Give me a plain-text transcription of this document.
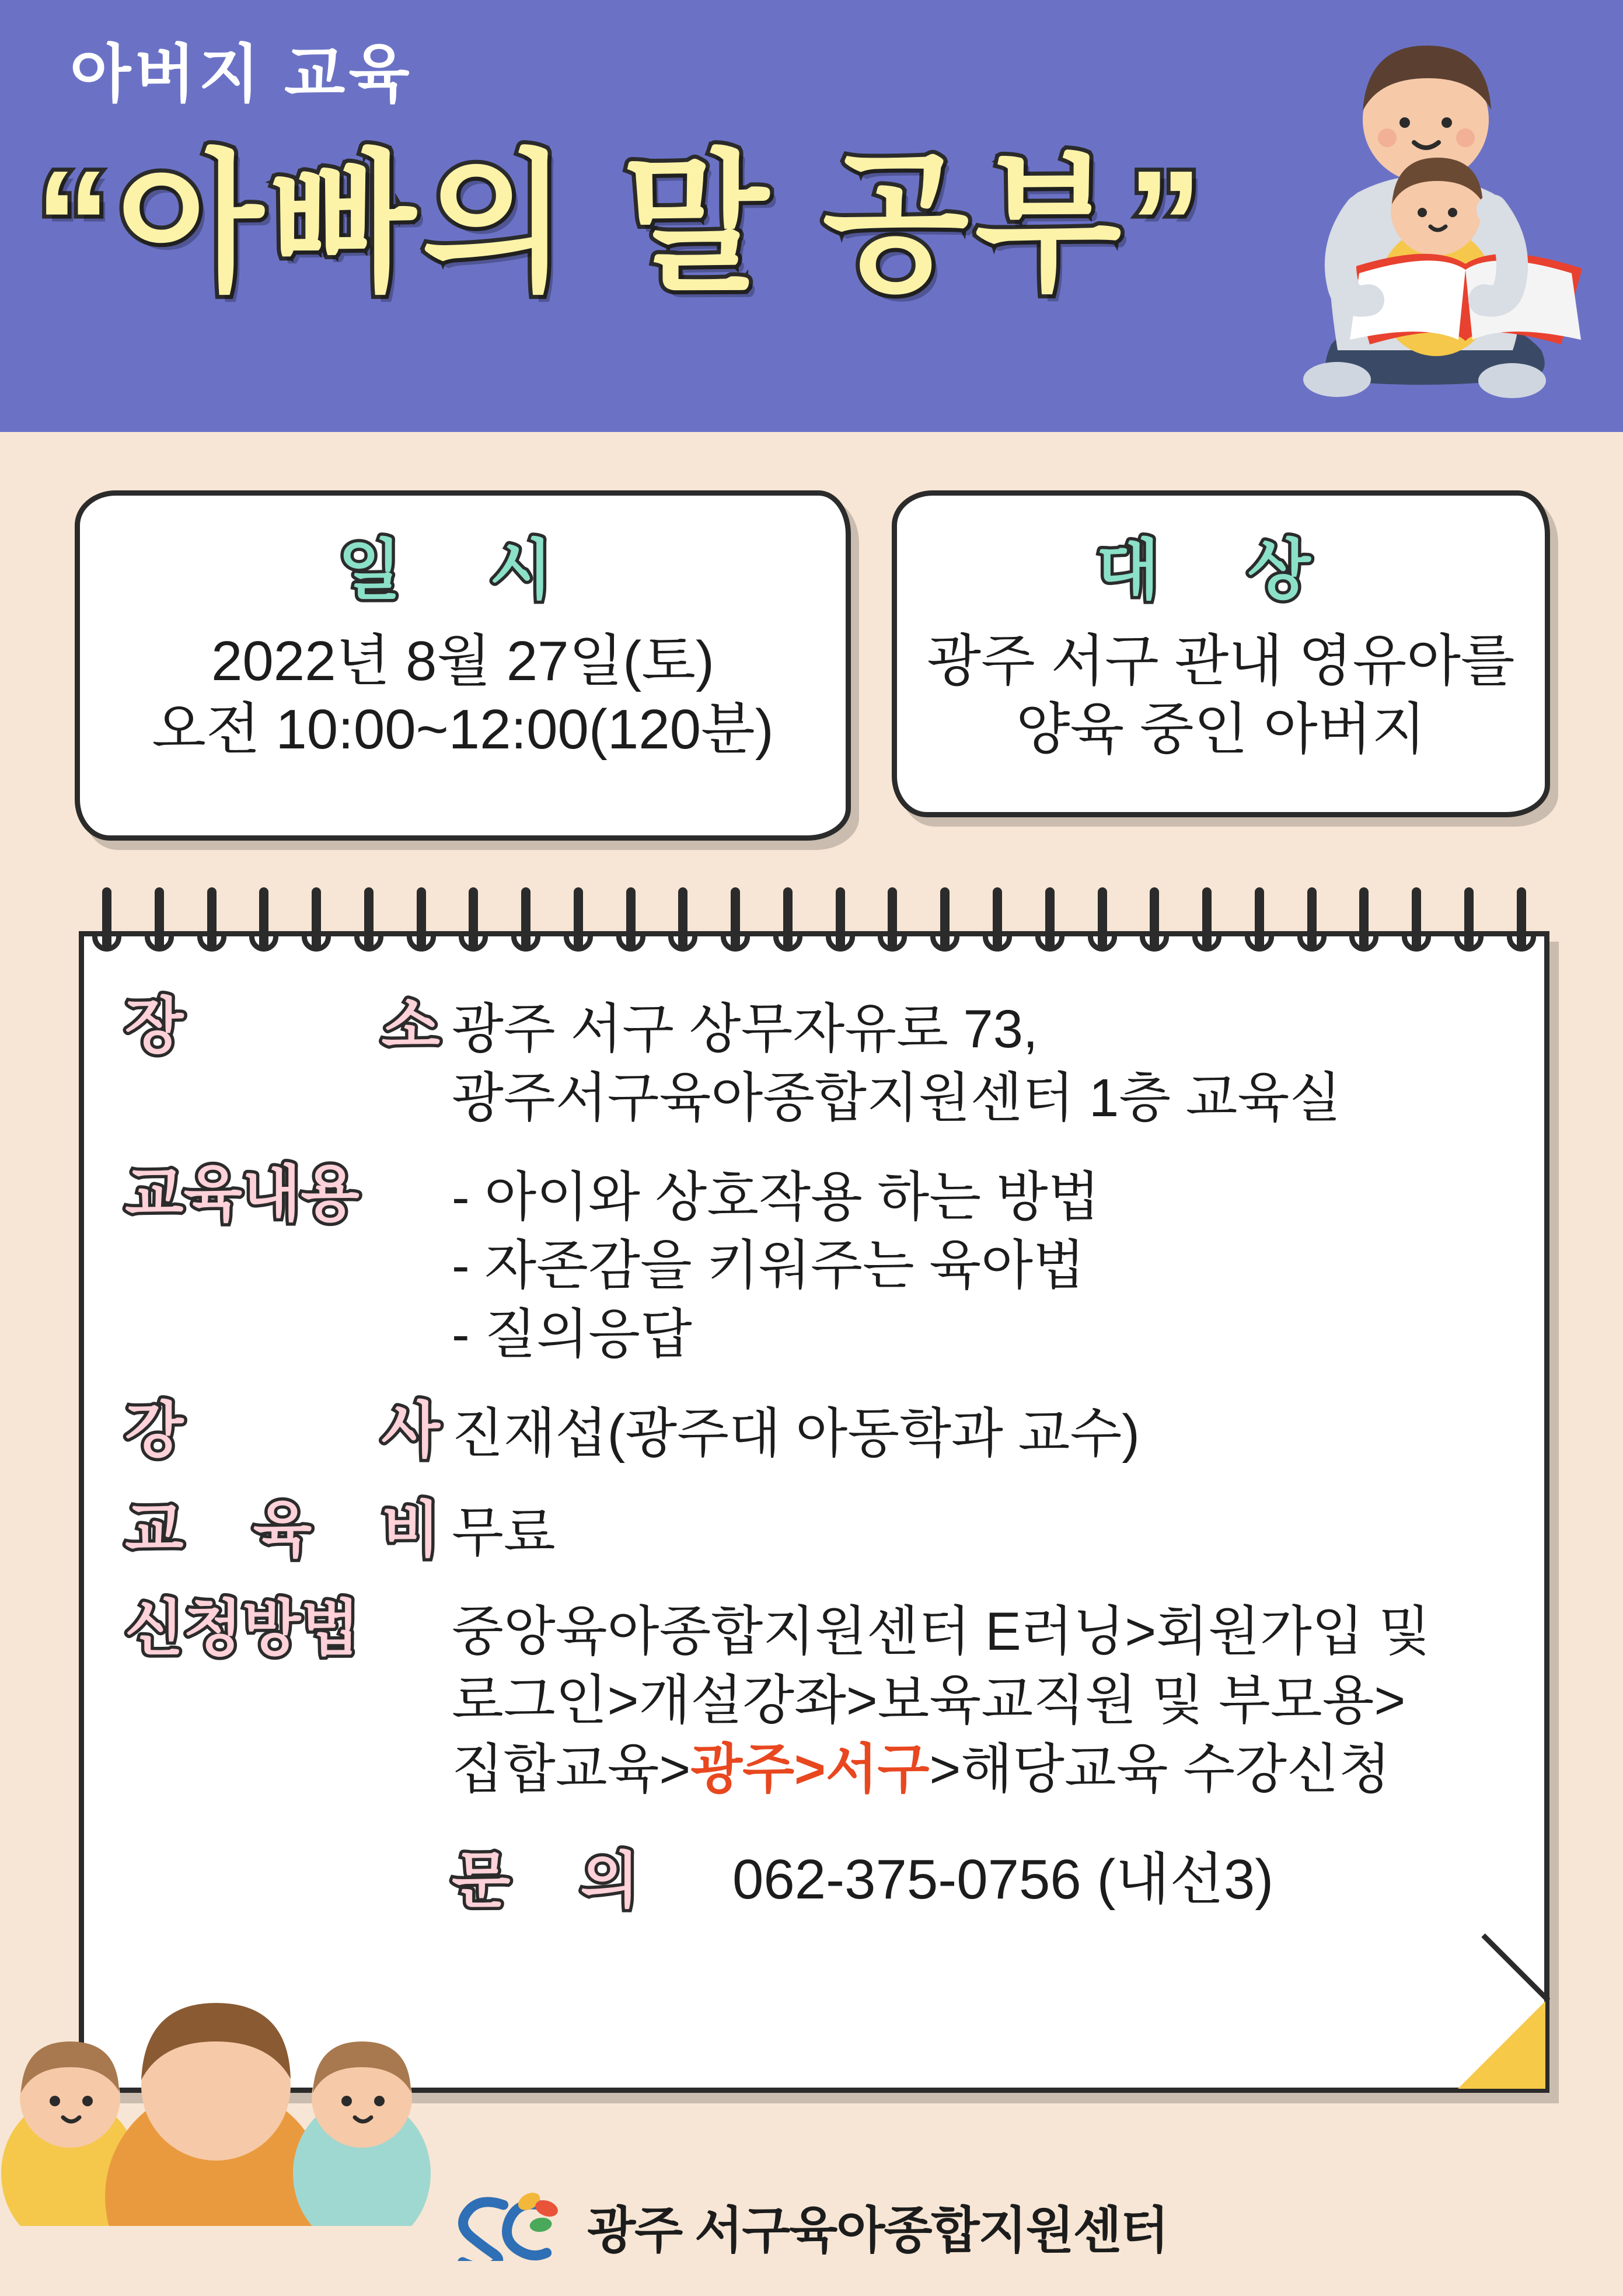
아버지 교육
“아빠의 말 공부”
일 시
2022년 8월 27일(토)
오전 10:00~12:00(120분)
대 상
광주 서구 관내 영유아를
양육 중인 아버지
장	소 광주 서구 상무자유로 73,
광주서구육아종합지원센터 1층 교육실
교육내용	- 아이와 상호작용 하는 방법
- 자존감을 키워주는 육아법
- 질의응답
강	사 진재섭(광주대 아동학과 교수)
교 육 비 무료
신청방법	중앙육아종합지원센터 E러닝>회원가입 및
로그인>개설강좌>보육교직원 및 부모용>
집합교육>광주>서구>해당교육 수강신청
문의 062-375-0756 (내선3)
광주 서구육아종합지원센터
